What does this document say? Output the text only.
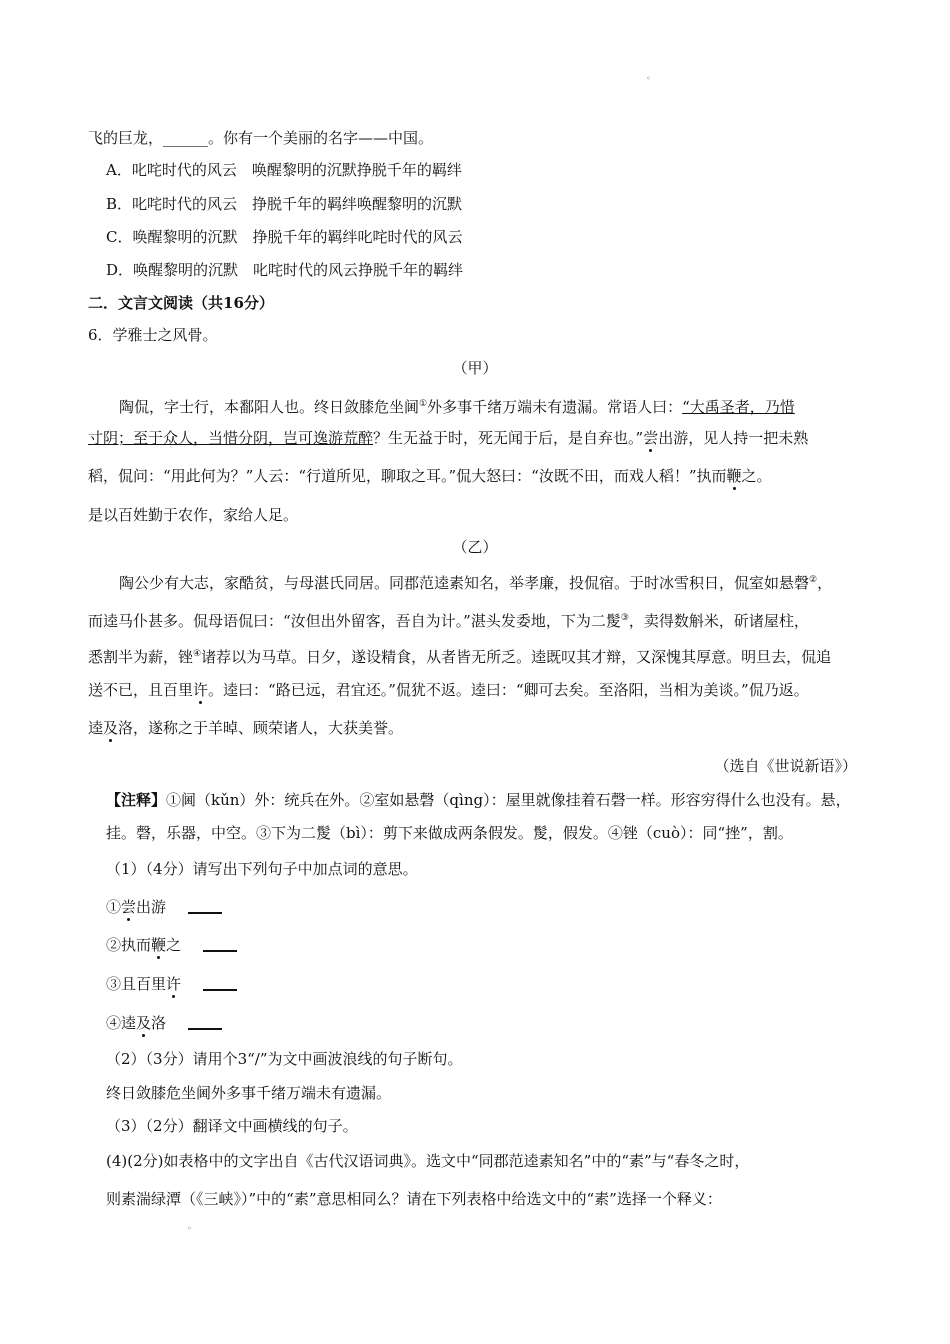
◦
飞的巨龙，______。你有一个美丽的名字——中国。
A．叱咤时代的风云　唤醒黎明的沉默挣脱千年的羁绊
B．叱咤时代的风云　挣脱千年的羁绊唤醒黎明的沉默
C．唤醒黎明的沉默　挣脱千年的羁绊叱咤时代的风云
D．唤醒黎明的沉默　叱咤时代的风云挣脱千年的羁绊
二．文言文阅读（共16分）
6．学雅士之风骨。
（甲）
陶侃，字士行，本鄱阳人也。终日敛膝危坐阃①外多事千绪万端未有遗漏。常语人曰：“大禹圣者，乃惜
寸阴；至于众人，当惜分阴，岂可逸游荒醉？生无益于时，死无闻于后，是自弃也。”尝出游，见人持一把未熟
稻，侃问：“用此何为？”人云：“行道所见，聊取之耳。”侃大怒曰：“汝既不田，而戏人稻！”执而鞭之。
是以百姓勤于农作，家给人足。
（乙）
陶公少有大志，家酷贫，与母湛氏同居。同郡范逵素知名，举孝廉，投侃宿。于时冰雪积日，侃室如悬磬②，
而逵马仆甚多。侃母语侃曰：“汝但出外留客，吾自为计。”湛头发委地，下为二髲③，卖得数斛米，斫诸屋柱，
悉割半为薪，锉④诸荐以为马草。日夕，遂设精食，从者皆无所乏。逵既叹其才辩，又深愧其厚意。明旦去，侃追
送不已，且百里许。逵曰：“路已远，君宜还。”侃犹不返。逵曰：“卿可去矣。至洛阳，当相为美谈。”侃乃返。
逵及洛，遂称之于羊晫、顾荣诸人，大获美誉。
（选自《世说新语》）
【注释】①阃（kǔn）外：统兵在外。②室如悬磬（qìng）：屋里就像挂着石磬一样。形容穷得什么也没有。悬，
挂。磬，乐器，中空。③下为二髲（bì）：剪下来做成两条假发。髲，假发。④锉（cuò）：同“挫”，割。
（1）（4分）请写出下列句子中加点词的意思。
①尝出游
②执而鞭之
③且百里许
④逵及洛
（2）（3分）请用个3“/”为文中画波浪线的句子断句。
终日敛膝危坐阃外多事千绪万端未有遗漏。
（3）（2分）翻译文中画横线的句子。
(4)(2分)如表格中的文字出自《古代汉语词典》。选文中“同郡范逵素知名”中的“素”与“春冬之时，
则素湍绿潭（《三峡》）”中的“素”意思相同么？请在下列表格中给选文中的“素”选择一个释义：
◦
